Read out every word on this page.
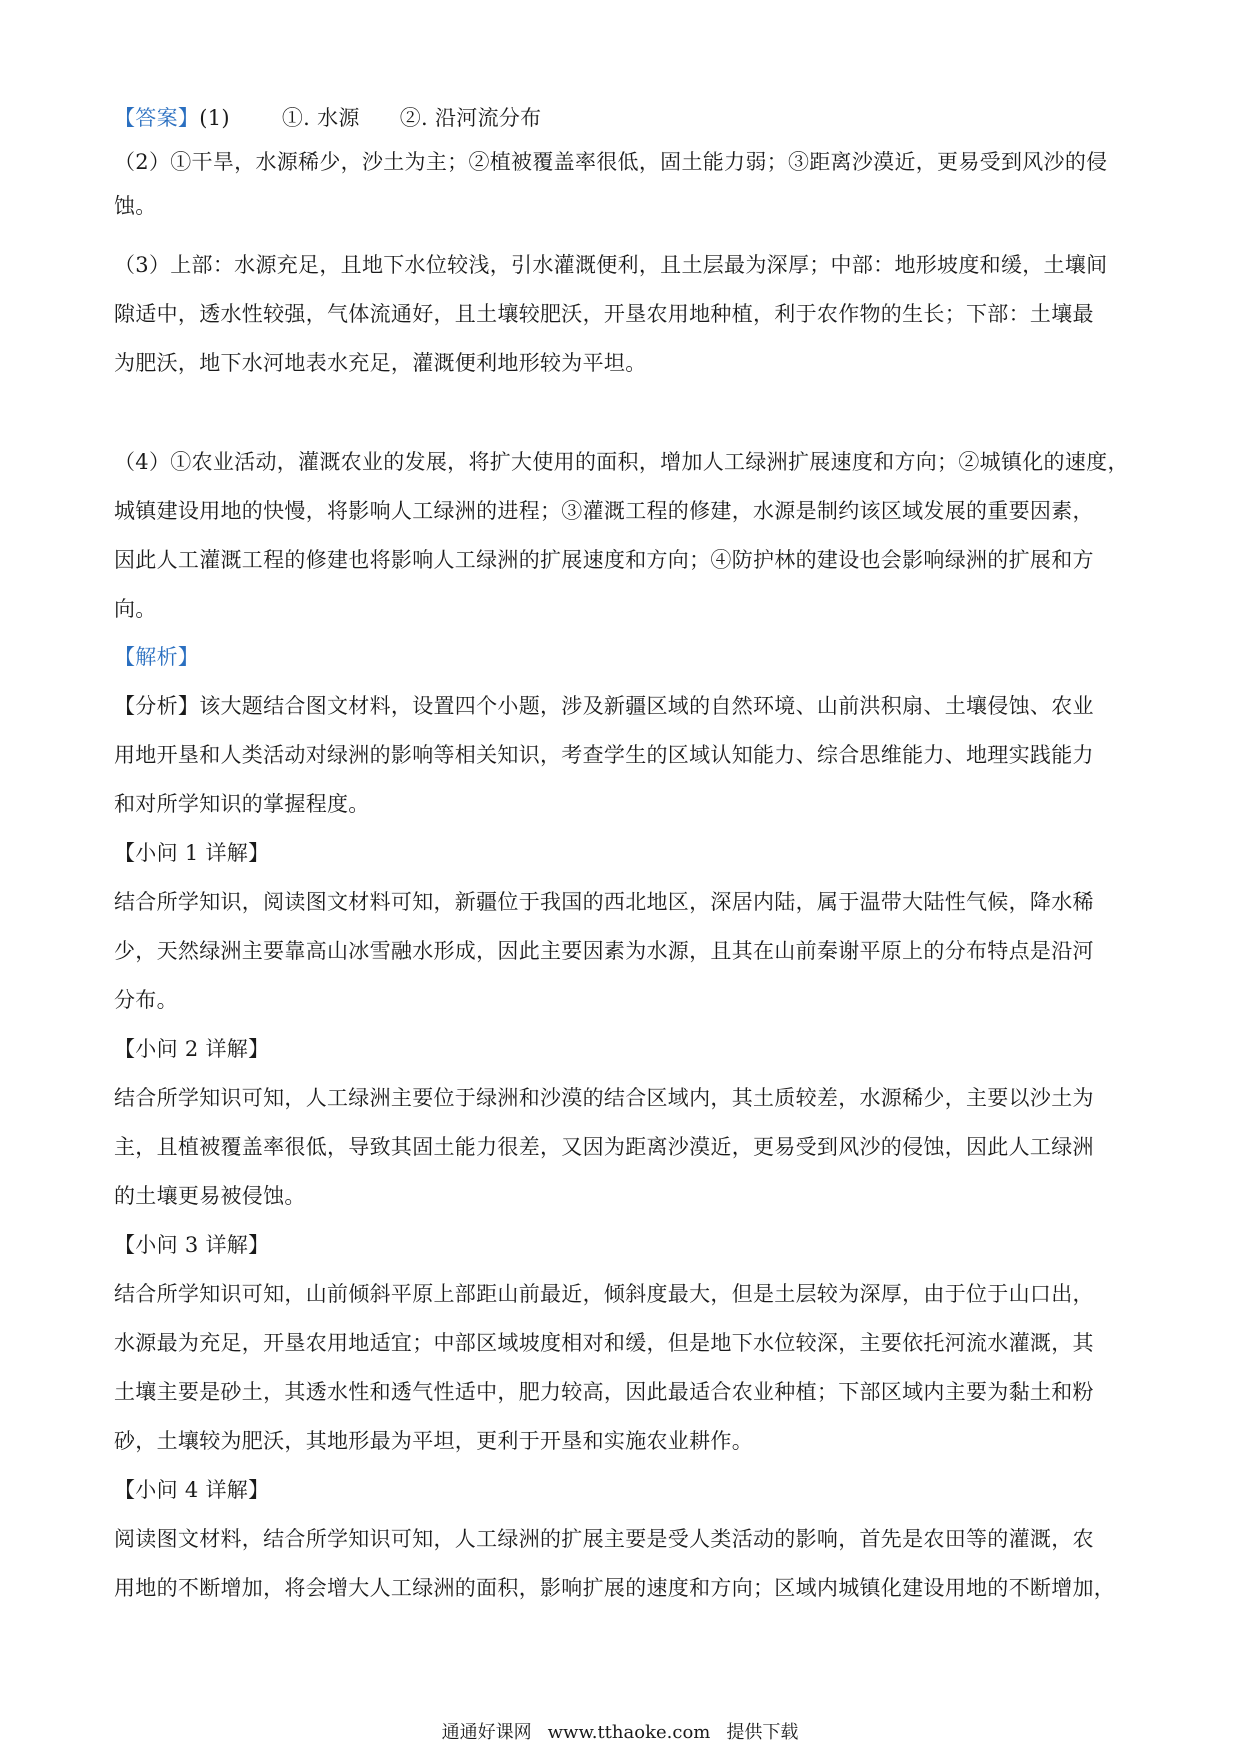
【答案】(1) ①. 水源 ②. 沿河流分布
（2）①干旱，水源稀少，沙土为主；②植被覆盖率很低，固土能力弱；③距离沙漠近，更易受到风沙的侵
蚀。
（3）上部：水源充足，且地下水位较浅，引水灌溉便利，且土层最为深厚；中部：地形坡度和缓，土壤间
隙适中，透水性较强，气体流通好，且土壤较肥沃，开垦农用地种植，利于农作物的生长；下部：土壤最
为肥沃，地下水河地表水充足，灌溉便利地形较为平坦。
（4）①农业活动，灌溉农业的发展，将扩大使用的面积，增加人工绿洲扩展速度和方向；②城镇化的速度，
城镇建设用地的快慢，将影响人工绿洲的进程；③灌溉工程的修建，水源是制约该区域发展的重要因素，
因此人工灌溉工程的修建也将影响人工绿洲的扩展速度和方向；④防护林的建设也会影响绿洲的扩展和方
向。
【解析】
【分析】该大题结合图文材料，设置四个小题，涉及新疆区域的自然环境、山前洪积扇、土壤侵蚀、农业
用地开垦和人类活动对绿洲的影响等相关知识，考查学生的区域认知能力、综合思维能力、地理实践能力
和对所学知识的掌握程度。
【小问 1 详解】
结合所学知识，阅读图文材料可知，新疆位于我国的西北地区，深居内陆，属于温带大陆性气候，降水稀
少，天然绿洲主要靠高山冰雪融水形成，因此主要因素为水源，且其在山前秦谢平原上的分布特点是沿河
分布。
【小问 2 详解】
结合所学知识可知，人工绿洲主要位于绿洲和沙漠的结合区域内，其土质较差，水源稀少，主要以沙土为
主，且植被覆盖率很低，导致其固土能力很差，又因为距离沙漠近，更易受到风沙的侵蚀，因此人工绿洲
的土壤更易被侵蚀。
【小问 3 详解】
结合所学知识可知，山前倾斜平原上部距山前最近，倾斜度最大，但是土层较为深厚，由于位于山口出，
水源最为充足，开垦农用地适宜；中部区域坡度相对和缓，但是地下水位较深，主要依托河流水灌溉，其
土壤主要是砂土，其透水性和透气性适中，肥力较高，因此最适合农业种植；下部区域内主要为黏土和粉
砂，土壤较为肥沃，其地形最为平坦，更利于开垦和实施农业耕作。
【小问 4 详解】
阅读图文材料，结合所学知识可知，人工绿洲的扩展主要是受人类活动的影响，首先是农田等的灌溉，农
用地的不断增加，将会增大人工绿洲的面积，影响扩展的速度和方向；区域内城镇化建设用地的不断增加，
通通好课网 www.tthaoke.com 提供下载
